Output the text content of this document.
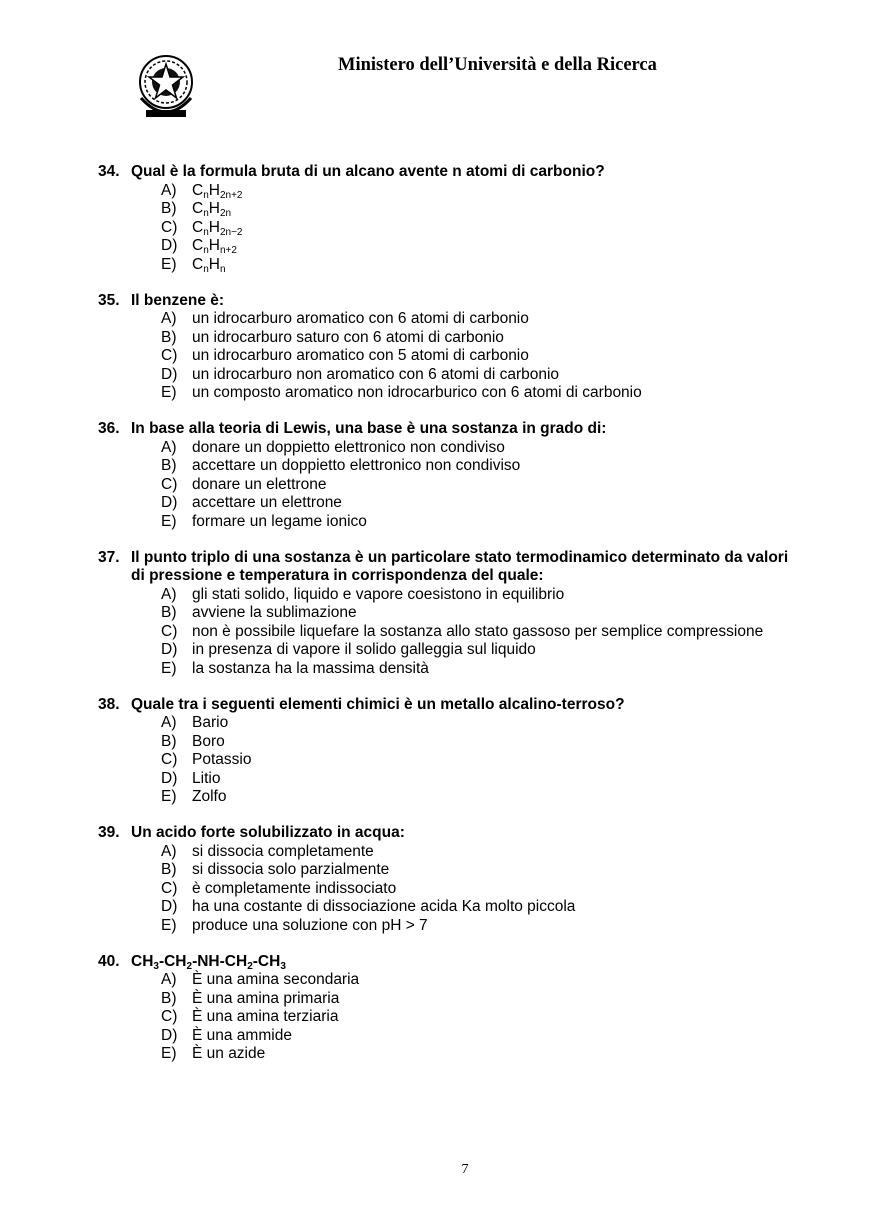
Ministero dell’Università e della Ricerca
34. Qual è la formula bruta di un alcano avente n atomi di carbonio?
A)	$C_nH_{2n+2}$
B)	$C_nH_{2n}$
C) $C_nH_{2n-2}$
D) $C_nH_{n+2}$
E)	$C_nH_n$
35. Il benzene è:
A)	un idrocarburo aromatico con 6 atomi di carbonio
B)	un idrocarburo saturo con 6 atomi di carbonio
C) un idrocarburo aromatico con 5 atomi di carbonio
D) un idrocarburo non aromatico con 6 atomi di carbonio
E)	un composto aromatico non idrocarburico con 6 atomi di carbonio
36. In base alla teoria di Lewis, una base è una sostanza in grado di:
A)	donare un doppietto elettronico non condiviso
B)	accettare un doppietto elettronico non condiviso
C) donare un elettrone
D) accettare un elettrone
E)	formare un legame ionico
37. Il punto triplo di una sostanza è un particolare stato termodinamico determinato da valori
di pressione e temperatura in corrispondenza del quale:
A)	gli stati solido, liquido e vapore coesistono in equilibrio
B)	avviene la sublimazione
C) non è possibile liquefare la sostanza allo stato gassoso per semplice compressione
D) in presenza di vapore il solido galleggia sul liquido
E)	la sostanza ha la massima densità
38. Quale tra i seguenti elementi chimici è un metallo alcalino-terroso?
A)	Bario
B)	Boro
C) Potassio
D) Litio
E)	Zolfo
39. Un acido forte solubilizzato in acqua:
A)	si dissocia completamente
B)	si dissocia solo parzialmente
C) è completamente indissociato
D) ha una costante di dissociazione acida Ka molto piccola
E)	produce una soluzione con pH > 7
40. $CH_3-CH_2-NH-CH_2-CH_3$
A)	È una amina secondaria
B)	È una amina primaria
C) È una amina terziaria
D) È una ammide
E)	È un azide
7
